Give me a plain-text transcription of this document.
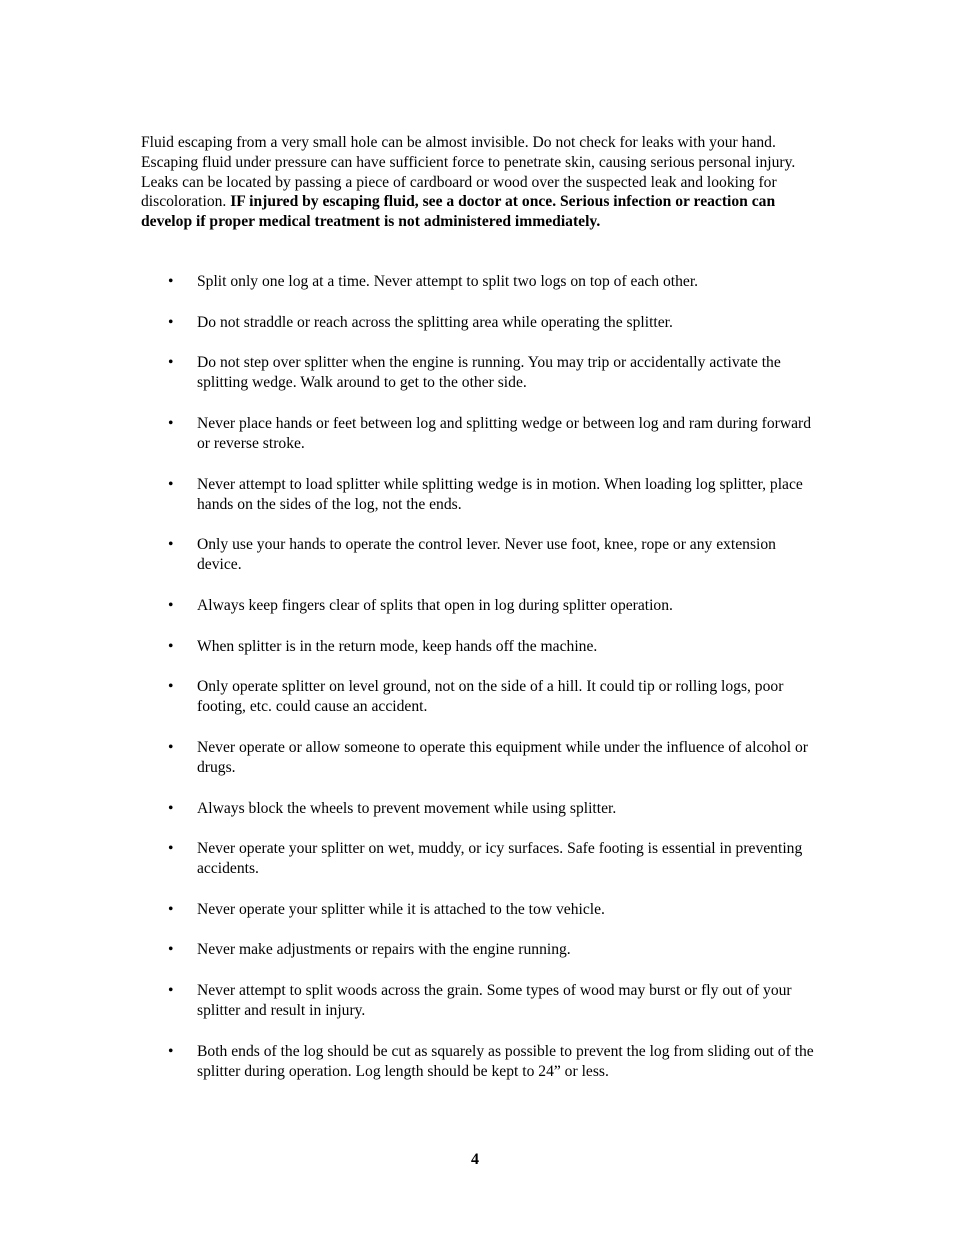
Fluid escaping from a very small hole can be almost invisible. Do not check for leaks with your hand. Escaping fluid under pressure can have sufficient force to penetrate skin, causing serious personal injury. Leaks can be located by passing a piece of cardboard or wood over the suspected leak and looking for discoloration. IF injured by escaping fluid, see a doctor at once. Serious infection or reaction can develop if proper medical treatment is not administered immediately.

•	Split only one log at a time. Never attempt to split two logs on top of each other.
•	Do not straddle or reach across the splitting area while operating the splitter.
•	Do not step over splitter when the engine is running. You may trip or accidentally activate the splitting wedge. Walk around to get to the other side.
•	Never place hands or feet between log and splitting wedge or between log and ram during forward or reverse stroke.
•	Never attempt to load splitter while splitting wedge is in motion. When loading log splitter, place hands on the sides of the log, not the ends.
•	Only use your hands to operate the control lever. Never use foot, knee, rope or any extension device.
•	Always keep fingers clear of splits that open in log during splitter operation.
•	When splitter is in the return mode, keep hands off the machine.
•	Only operate splitter on level ground, not on the side of a hill. It could tip or rolling logs, poor footing, etc. could cause an accident.
•	Never operate or allow someone to operate this equipment while under the influence of alcohol or drugs.
•	Always block the wheels to prevent movement while using splitter.
•	Never operate your splitter on wet, muddy, or icy surfaces. Safe footing is essential in preventing accidents.
•	Never operate your splitter while it is attached to the tow vehicle.
•	Never make adjustments or repairs with the engine running.
•	Never attempt to split woods across the grain. Some types of wood may burst or fly out of your splitter and result in injury.
•	Both ends of the log should be cut as squarely as possible to prevent the log from sliding out of the splitter during operation. Log length should be kept to 24” or less.
4
